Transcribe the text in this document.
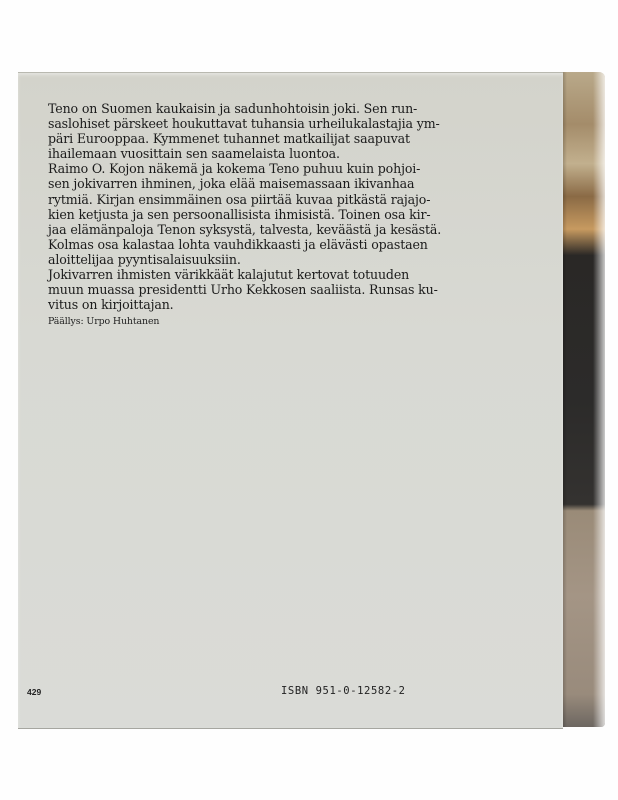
Teno on Suomen kaukaisin ja sadunhohtoisin joki. Sen run-
saslohiset pärskeet houkuttavat tuhansia urheilukalastajia ym-
päri Eurooppaa. Kymmenet tuhannet matkailijat saapuvat
ihailemaan vuosittain sen saamelaista luontoa.
Raimo O. Kojon näkemä ja kokema Teno puhuu kuin pohjoi-
sen jokivarren ihminen, joka elää maisemassaan ikivanhaa
rytmiä. Kirjan ensimmäinen osa piirtää kuvaa pitkästä rajajo-
kien ketjusta ja sen persoonallisista ihmisistä. Toinen osa kir-
jaa elämänpaloja Tenon syksystä, talvesta, keväästä ja kesästä.
Kolmas osa kalastaa lohta vauhdikkaasti ja elävästi opastaen
aloittelijaa pyyntisalaisuuksiin.
Jokivarren ihmisten värikkäät kalajutut kertovat totuuden
muun muassa presidentti Urho Kekkosen saaliista. Runsas ku-
vitus on kirjoittajan.
Päällys: Urpo Huhtanen
429	ISBN 951-0-12582-2
